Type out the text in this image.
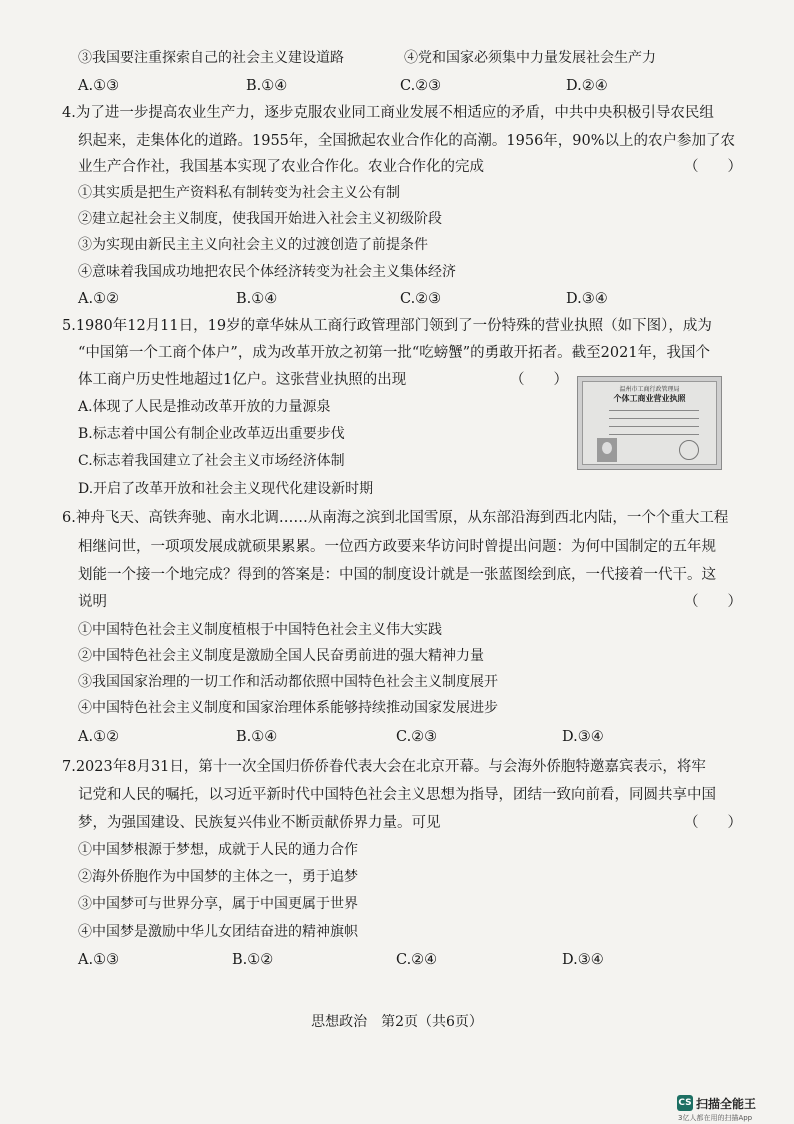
③我国要注重探索自己的社会主义建设道路	④党和国家必须集中力量发展社会生产力
A.①③	B.①④	C.②③	D.②④
4.为了进一步提高农业生产力，逐步克服农业同工商业发展不相适应的矛盾，中共中央积极引导农民组
织起来，走集体化的道路。1955年，全国掀起农业合作化的高潮。1956年，90%以上的农户参加了农
业生产合作社，我国基本实现了农业合作化。农业合作化的完成	（　　）
①其实质是把生产资料私有制转变为社会主义公有制
②建立起社会主义制度，使我国开始进入社会主义初级阶段
③为实现由新民主主义向社会主义的过渡创造了前提条件
④意味着我国成功地把农民个体经济转变为社会主义集体经济
A.①②	B.①④	C.②③	D.③④
5.1980年12月11日，19岁的章华妹从工商行政管理部门领到了一份特殊的营业执照（如下图），成为
“中国第一个工商个体户”，成为改革开放之初第一批“吃螃蟹”的勇敢开拓者。截至2021年，我国个
体工商户历史性地超过1亿户。这张营业执照的出现	（　　）
A.体现了人民是推动改革开放的力量源泉
B.标志着中国公有制企业改革迈出重要步伐
C.标志着我国建立了社会主义市场经济体制
D.开启了改革开放和社会主义现代化建设新时期
温州市工商行政管理局
个体工商业营业执照
6.神舟飞天、高铁奔驰、南水北调……从南海之滨到北国雪原，从东部沿海到西北内陆，一个个重大工程
相继问世，一项项发展成就硕果累累。一位西方政要来华访问时曾提出问题：为何中国制定的五年规
划能一个接一个地完成？得到的答案是：中国的制度设计就是一张蓝图绘到底，一代接着一代干。这
说明	（　　）
①中国特色社会主义制度植根于中国特色社会主义伟大实践
②中国特色社会主义制度是激励全国人民奋勇前进的强大精神力量
③我国国家治理的一切工作和活动都依照中国特色社会主义制度展开
④中国特色社会主义制度和国家治理体系能够持续推动国家发展进步
A.①②	B.①④	C.②③	D.③④
7.2023年8月31日，第十一次全国归侨侨眷代表大会在北京开幕。与会海外侨胞特邀嘉宾表示，将牢
记党和人民的嘱托，以习近平新时代中国特色社会主义思想为指导，团结一致向前看，同圆共享中国
梦，为强国建设、民族复兴伟业不断贡献侨界力量。可见	（　　）
①中国梦根源于梦想，成就于人民的通力合作
②海外侨胞作为中国梦的主体之一，勇于追梦
③中国梦可与世界分享，属于中国更属于世界
④中国梦是激励中华儿女团结奋进的精神旗帜
A.①③	B.①②	C.②④	D.③④
思想政治　第2页（共6页）
CS 扫描全能王
3亿人都在用的扫描App
